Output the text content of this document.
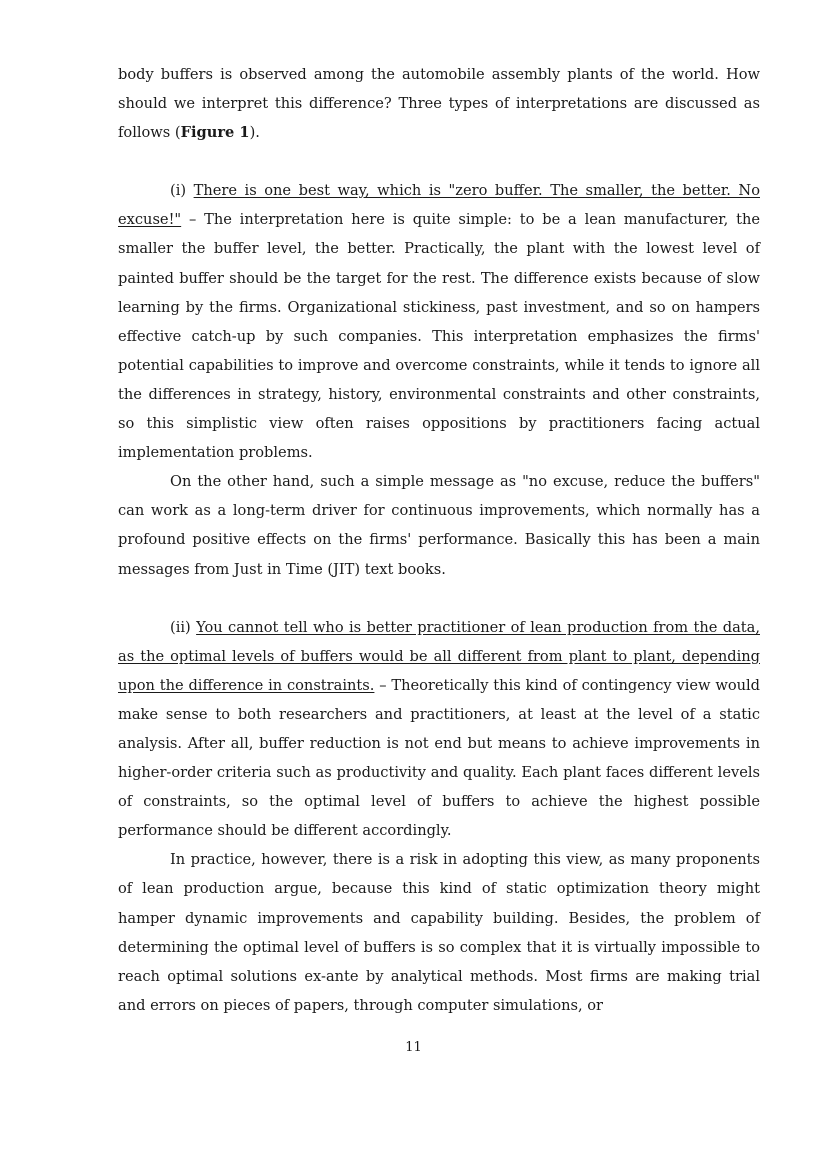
body buffers is observed among the automobile assembly plants of the world. How should we interpret this difference? Three types of interpretations are discussed as follows (Figure 1).

(i) There is one best way, which is "zero buffer. The smaller, the better. No excuse!" – The interpretation here is quite simple: to be a lean manufacturer, the smaller the buffer level, the better. Practically, the plant with the lowest level of painted buffer should be the target for the rest. The difference exists because of slow learning by the firms. Organizational stickiness, past investment, and so on hampers effective catch-up by such companies. This interpretation emphasizes the firms' potential capabilities to improve and overcome constraints, while it tends to ignore all the differences in strategy, history, environmental constraints and other constraints, so this simplistic view often raises oppositions by practitioners facing actual implementation problems.

On the other hand, such a simple message as "no excuse, reduce the buffers" can work as a long-term driver for continuous improvements, which normally has a profound positive effects on the firms' performance. Basically this has been a main messages from Just in Time (JIT) text books.

(ii) You cannot tell who is better practitioner of lean production from the data, as the optimal levels of buffers would be all different from plant to plant, depending upon the difference in constraints. – Theoretically this kind of contingency view would make sense to both researchers and practitioners, at least at the level of a static analysis. After all, buffer reduction is not end but means to achieve improvements in higher-order criteria such as productivity and quality. Each plant faces different levels of constraints, so the optimal level of buffers to achieve the highest possible performance should be different accordingly.

In practice, however, there is a risk in adopting this view, as many proponents of lean production argue, because this kind of static optimization theory might hamper dynamic improvements and capability building. Besides, the problem of determining the optimal level of buffers is so complex that it is virtually impossible to reach optimal solutions ex-ante by analytical methods. Most firms are making trial and errors on pieces of papers, through computer simulations, or

11
